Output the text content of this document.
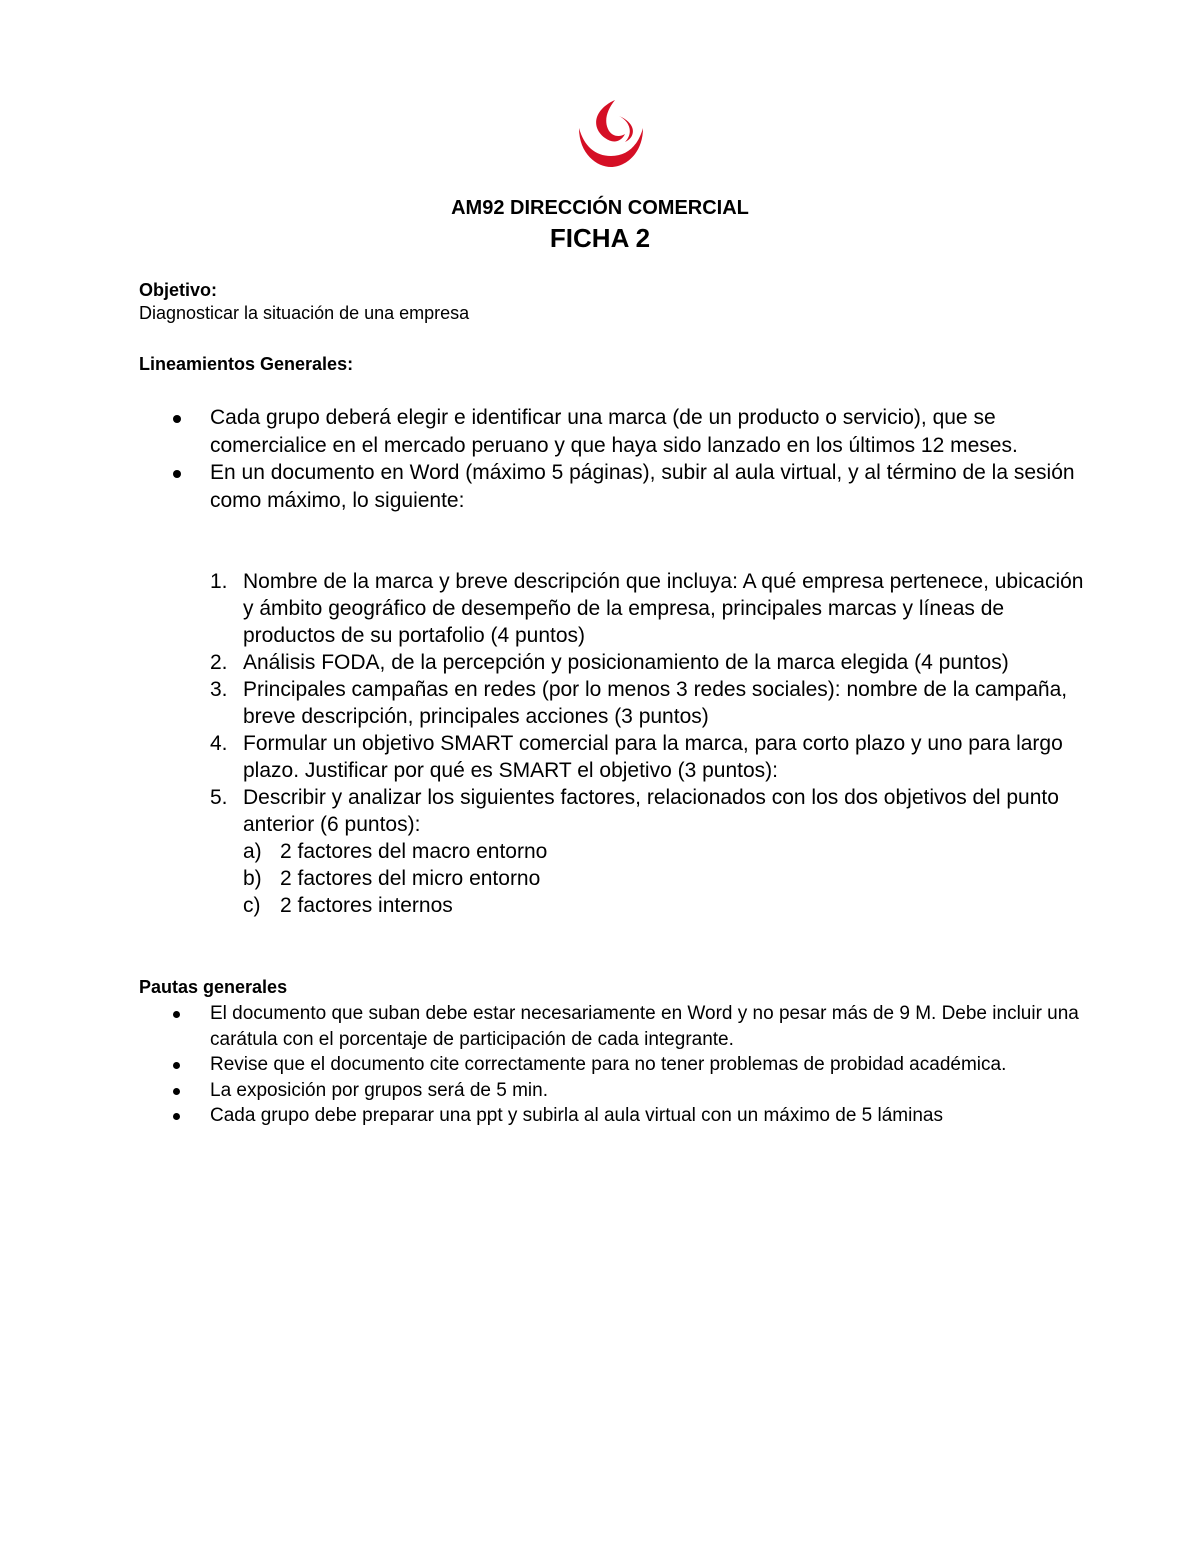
AM92 DIRECCIÓN COMERCIAL
FICHA 2
Objetivo:
Diagnosticar la situación de una empresa
Lineamientos Generales:
Cada grupo deberá elegir e identificar una marca (de un producto o servicio), que se comercialice en el mercado peruano y que haya sido lanzado en los últimos 12 meses.
En un documento en Word (máximo 5 páginas), subir al aula virtual, y al término de la sesión como máximo, lo siguiente:
1. Nombre de la marca y breve descripción que incluya: A qué empresa pertenece, ubicación y ámbito geográfico de desempeño de la empresa, principales marcas y líneas de productos de su portafolio (4 puntos)
2. Análisis FODA, de la percepción y posicionamiento de la marca elegida (4 puntos)
3. Principales campañas en redes (por lo menos 3 redes sociales): nombre de la campaña, breve descripción, principales acciones (3 puntos)
4. Formular un objetivo SMART comercial para la marca, para corto plazo y uno para largo plazo. Justificar por qué es SMART el objetivo (3 puntos):
5. Describir y analizar los siguientes factores, relacionados con los dos objetivos del punto anterior (6 puntos):
a) 2 factores del macro entorno
b) 2 factores del micro entorno
c) 2 factores internos
Pautas generales
El documento que suban debe estar necesariamente en Word y no pesar más de 9 M. Debe incluir una carátula con el porcentaje de participación de cada integrante.
Revise que el documento cite correctamente para no tener problemas de probidad académica.
La exposición por grupos será de 5 min.
Cada grupo debe preparar una ppt y subirla al aula virtual con un máximo de 5 láminas
